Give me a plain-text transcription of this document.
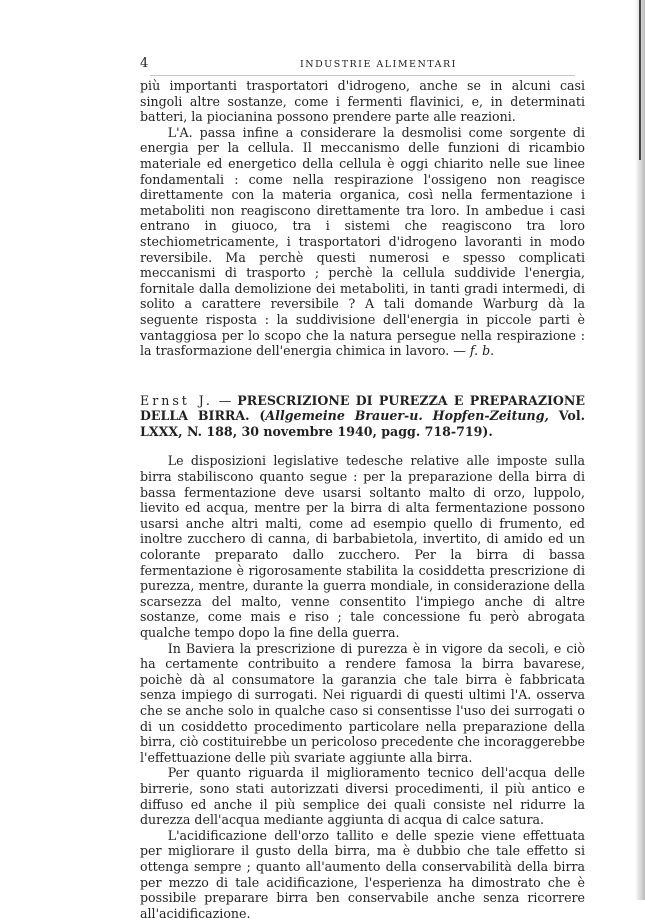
4	INDUSTRIE ALIMENTARI

più importanti trasportatori d'idrogeno, anche se in alcuni casi singoli altre sostanze, come i fermenti flavinici, e, in determinati batteri, la piocianina possono prendere parte alle reazioni.

L'A. passa infine a considerare la desmolisi come sorgente di energia per la cellula. Il meccanismo delle funzioni di ricambio materiale ed energetico della cellula è oggi chiarito nelle sue linee fondamentali : come nella respirazione l'ossigeno non reagisce direttamente con la materia organica, così nella fermentazione i metaboliti non reagiscono direttamente tra loro. In ambedue i casi entrano in giuoco, tra i sistemi che reagiscono tra loro stechiometricamente, i trasportatori d'idrogeno lavoranti in modo reversibile. Ma perchè questi numerosi e spesso complicati meccanismi di trasporto ; perchè la cellula suddivide l'energia, fornitale dalla demolizione dei metaboliti, in tanti gradi intermedi, di solito a carattere reversibile ? A tali domande Warburg dà la seguente risposta : la suddivisione dell'energia in piccole parti è vantaggiosa per lo scopo che la natura persegue nella respirazione : la trasformazione dell'energia chimica in lavoro. — f. b.

Ernst J. — PRESCRIZIONE DI PUREZZA E PREPARAZIONE DELLA BIRRA. (Allgemeine Brauer-u. Hopfen-Zeitung, Vol. LXXX, N. 188, 30 novembre 1940, pagg. 718-719).

Le disposizioni legislative tedesche relative alle imposte sulla birra stabiliscono quanto segue : per la preparazione della birra di bassa fermentazione deve usarsi soltanto malto di orzo, luppolo, lievito ed acqua, mentre per la birra di alta fermentazione possono usarsi anche altri malti, come ad esempio quello di frumento, ed inoltre zucchero di canna, di barbabietola, invertito, di amido ed un colorante preparato dallo zucchero. Per la birra di bassa fermentazione è rigorosamente stabilita la cosiddetta prescrizione di purezza, mentre, durante la guerra mondiale, in considerazione della scarsezza del malto, venne consentito l'impiego anche di altre sostanze, come mais e riso ; tale concessione fu però abrogata qualche tempo dopo la fine della guerra.

In Baviera la prescrizione di purezza è in vigore da secoli, e ciò ha certamente contribuito a rendere famosa la birra bavarese, poichè dà al consumatore la garanzia che tale birra è fabbricata senza impiego di surrogati. Nei riguardi di questi ultimi l'A. osserva che se anche solo in qualche caso si consentisse l'uso dei surrogati o di un cosiddetto procedimento particolare nella preparazione della birra, ciò costituirebbe un pericoloso precedente che incoraggerebbe l'effettuazione delle più svariate aggiunte alla birra.

Per quanto riguarda il miglioramento tecnico dell'acqua delle birrerie, sono stati autorizzati diversi procedimenti, il più antico e diffuso ed anche il più semplice dei quali consiste nel ridurre la durezza dell'acqua mediante aggiunta di acqua di calce satura.

L'acidificazione dell'orzo tallito e delle spezie viene effettuata per migliorare il gusto della birra, ma è dubbio che tale effetto si ottenga sempre ; quanto all'aumento della conservabilità della birra per mezzo di tale acidificazione, l'esperienza ha dimostrato che è possibile preparare birra ben conservabile anche senza ricorrere all'acidificazione.
